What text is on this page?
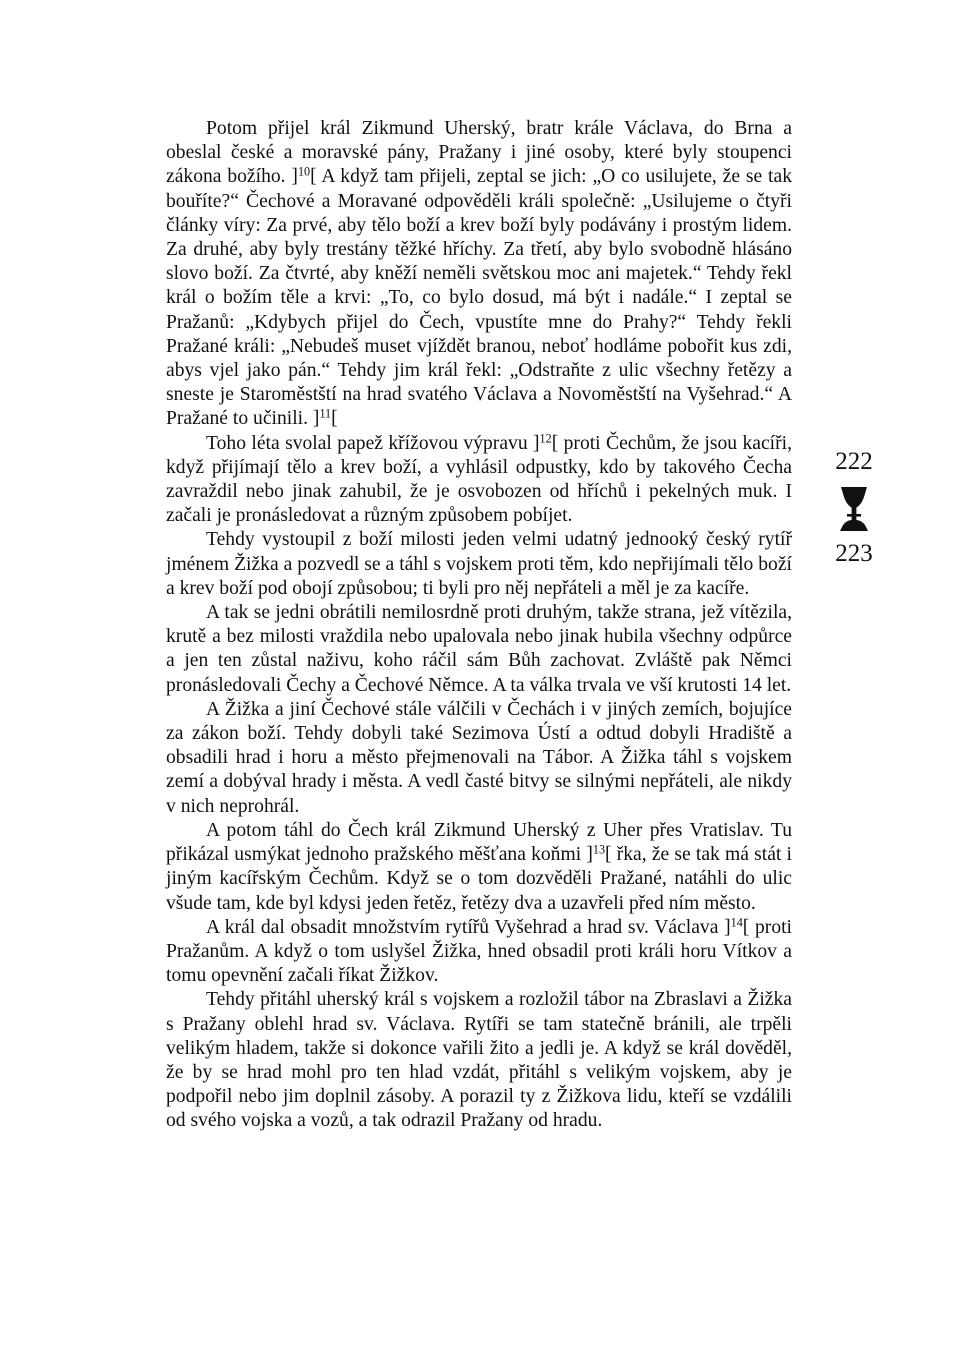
Potom přijel král Zikmund Uherský, bratr krále Václava, do Brna a obeslal české a moravské pány, Pražany i jiné osoby, které byly stoupenci zákona božího. ]$^{10}$[ A když tam přijeli, zeptal se jich: „O co usilujete, že se tak bouříte?“ Čechové a Moravané odpověděli králi společně: „Usilujeme o čtyři články víry: Za prvé, aby tělo boží a krev boží byly podávány i prostým lidem. Za druhé, aby byly trestány těžké hříchy. Za třetí, aby bylo svobodně hlásáno slovo boží. Za čtvrté, aby kněží neměli světskou moc ani majetek.“ Tehdy řekl král o božím těle a krvi: „To, co bylo dosud, má být i nadále.“ I zeptal se Pražanů: „Kdybych přijel do Čech, vpustíte mne do Prahy?“ Tehdy řekli Pražané králi: „Nebudeš muset vjíždět branou, neboť hodláme pobořit kus zdi, abys vjel jako pán.“ Tehdy jim král řekl: „Odstraňte z ulic všechny řetězy a sneste je Staroměstští na hrad svatého Václava a Novoměstští na Vyšehrad.“ A Pražané to učinili. ]$^{11}$[

Toho léta svolal papež křížovou výpravu ]$^{12}$[ proti Čechům, že jsou kacíři, když přijímají tělo a krev boží, a vyhlásil odpustky, kdo by takového Čecha zavraždil nebo jinak zahubil, že je osvobozen od hříchů i pekelných muk. I začali je pronásledovat a různým způsobem pobíjet.

Tehdy vystoupil z boží milosti jeden velmi udatný jednooký český rytíř jménem Žižka a pozvedl se a táhl s vojskem proti těm, kdo nepřijímali tělo boží a krev boží pod obojí způsobou; ti byli pro něj nepřáteli a měl je za kacíře.

A tak se jedni obrátili nemilosrdně proti druhým, takže strana, jež vítězila, krutě a bez milosti vraždila nebo upalovala nebo jinak hubila všechny odpůrce a jen ten zůstal naživu, koho ráčil sám Bůh zachovat. Zvláště pak Němci pronásledovali Čechy a Čechové Němce. A ta válka trvala ve vší krutosti 14 let.

A Žižka a jiní Čechové stále válčili v Čechách i v jiných zemích, bojujíce za zákon boží. Tehdy dobyli také Sezimova Ústí a odtud dobyli Hradiště a obsadili hrad i horu a město přejmenovali na Tábor. A Žižka táhl s vojskem zemí a dobýval hrady i města. A vedl časté bitvy se silnými nepřáteli, ale nikdy v nich neprohrál.

A potom táhl do Čech král Zikmund Uherský z Uher přes Vratislav. Tu přikázal usmýkat jednoho pražského měšťana koňmi ]$^{13}$[ řka, že se tak má stát i jiným kacířským Čechům. Když se o tom dozvěděli Pražané, natáhli do ulic všude tam, kde byl kdysi jeden řetěz, řetězy dva a uzavřeli před ním město.

A král dal obsadit množstvím rytířů Vyšehrad a hrad sv. Václava ]$^{14}$[ proti Pražanům. A když o tom uslyšel Žižka, hned obsadil proti králi horu Vítkov a tomu opevnění začali říkat Žižkov.

Tehdy přitáhl uherský král s vojskem a rozložil tábor na Zbraslavi a Žižka s Pražany oblehl hrad sv. Václava. Rytíři se tam statečně bránili, ale trpěli velikým hladem, takže si dokonce vařili žito a jedli je. A když se král dověděl, že by se hrad mohl pro ten hlad vzdát, přitáhl s velikým vojskem, aby je podpořil nebo jim doplnil zásoby. A porazil ty z Žižkova lidu, kteří se vzdálili od svého vojska a vozů, a tak odrazil Pražany od hradu.

222
223
